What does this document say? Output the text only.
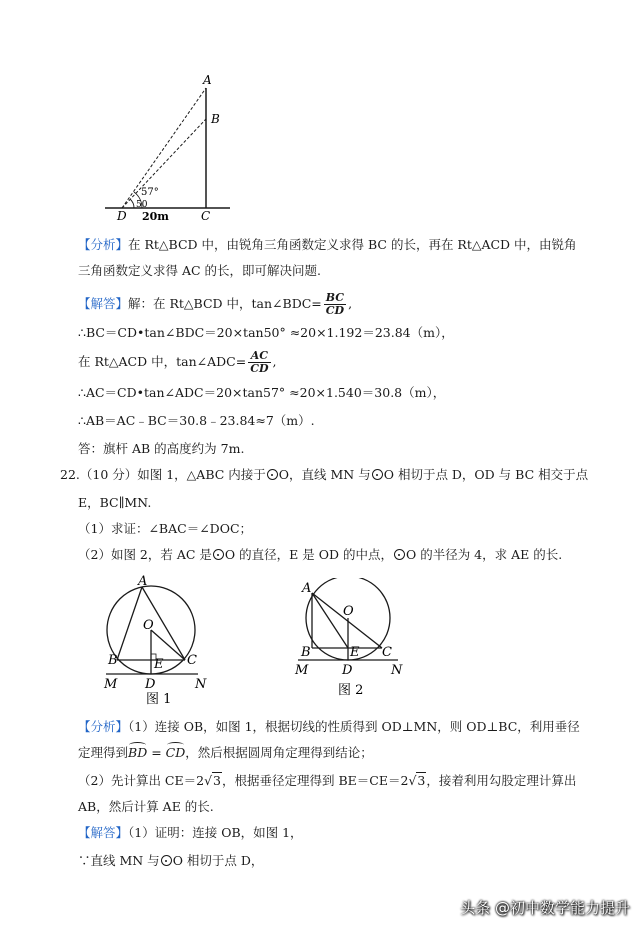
A
B
C
D 20m
57°
50
【分析】在 Rt△BCD 中，由锐角三角函数定义求得 BC 的长，再在 Rt△ACD 中，由锐角
三角函数定义求得 AC 的长，即可解决问题.
【解答】解：在 Rt△BCD 中，tan∠BDC= $\frac{BC}{CD}$ ,
∴BC＝CD•tan∠BDC＝20×tan50° ≈20×1.192＝23.84（m），
在 Rt△ACD 中，tan∠ADC= $\frac{AC}{CD}$ ,
∴AC＝CD•tan∠ADC＝20×tan57° ≈20×1.540＝30.8（m），
∴AB＝AC﹣BC＝30.8﹣23.84≈7（m）.
答：旗杆 AB 的高度约为 7m.
22.（10 分）如图 1，△ABC 内接于 O，直线 MN 与 O 相切于点 D，OD 与 BC 相交于点
E，BC∥MN.
（1）求证：∠BAC＝∠DOC；
（2）如图 2，若 AC 是 O 的直径，E 是 OD 的中点， O 的半径为 4，求 AE 的长.
A
O
B	E C
M D	N
图 1
A
O
B	E C
M	D	N
图 2
【分析】（1）连接 OB，如图 1，根据切线的性质得到 OD⊥MN，则 OD⊥BC，利用垂径
定理得到BD = CD，然后根据圆周角定理得到结论；
（2）先计算出 CE＝2√3，根据垂径定理得到 BE＝CE＝2√3，接着利用勾股定理计算出
AB，然后计算 AE 的长.
【解答】（1）证明：连接 OB，如图 1，
∵直线 MN 与 O 相切于点 D，
头条 @初中数学能力提升
